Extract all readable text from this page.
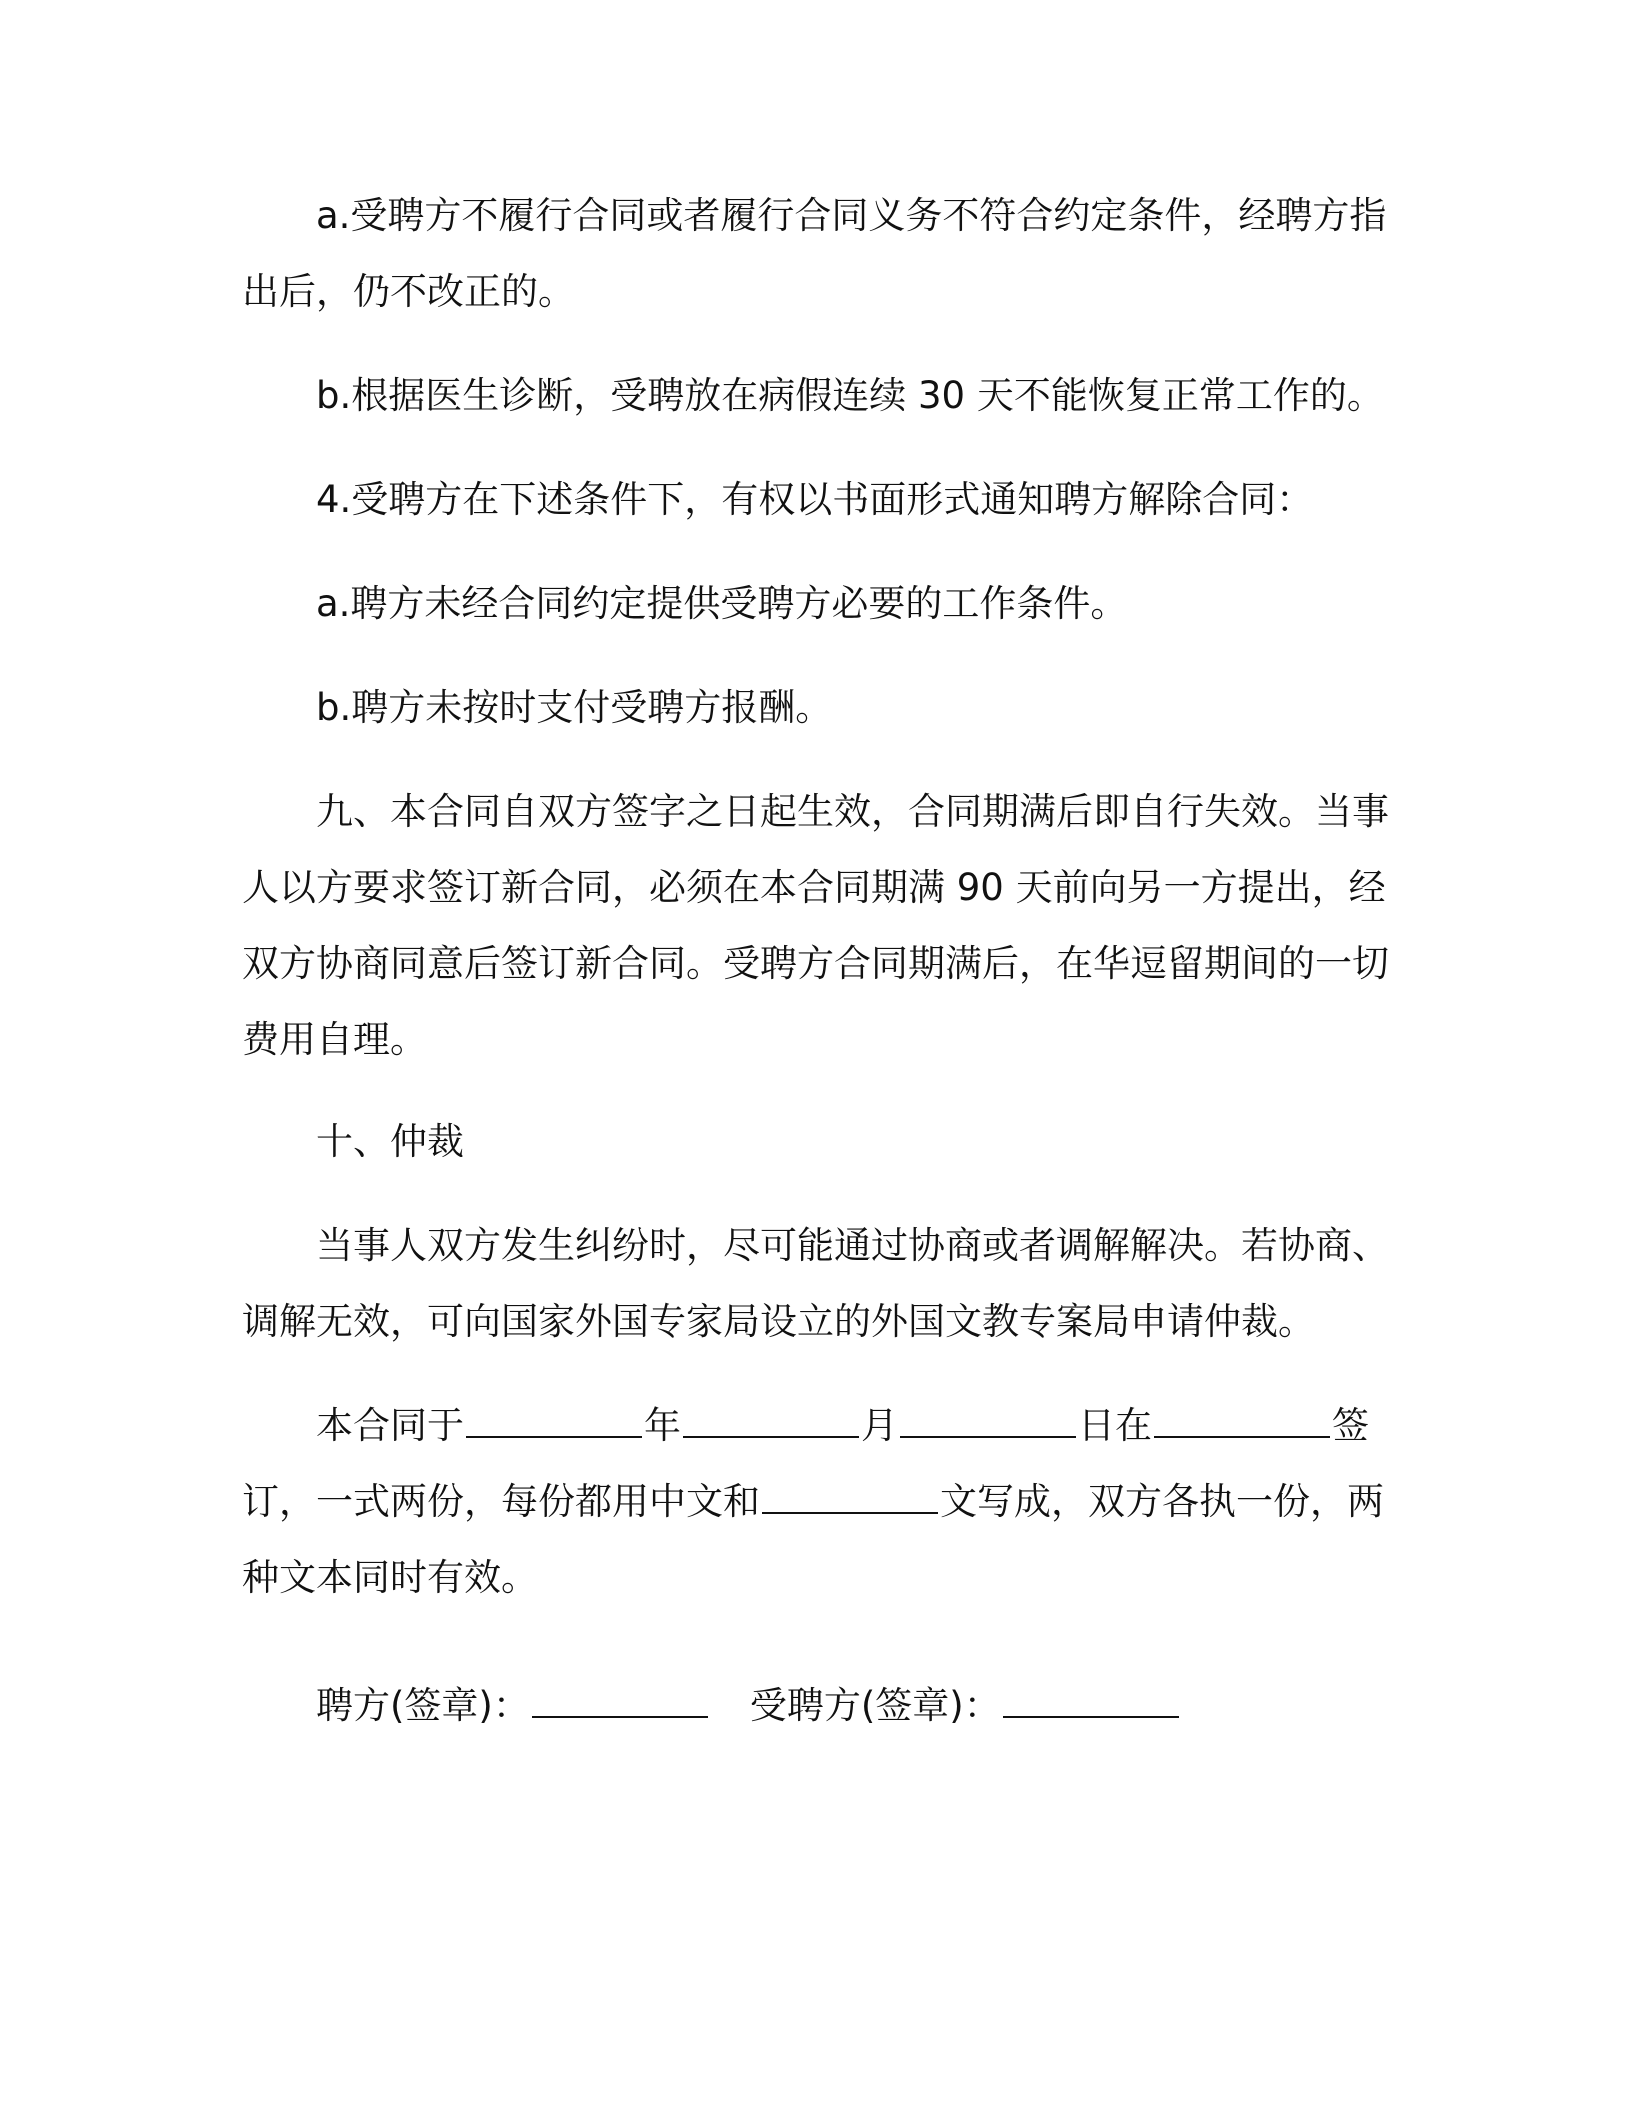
a.受聘方不履行合同或者履行合同义务不符合约定条件，经聘方指出后，仍不改正的。

b.根据医生诊断，受聘放在病假连续 30 天不能恢复正常工作的。

4.受聘方在下述条件下，有权以书面形式通知聘方解除合同：

a.聘方未经合同约定提供受聘方必要的工作条件。

b.聘方未按时支付受聘方报酬。

九、本合同自双方签字之日起生效，合同期满后即自行失效。当事人以方要求签订新合同，必须在本合同期满 90 天前向另一方提出，经双方协商同意后签订新合同。受聘方合同期满后，在华逗留期间的一切费用自理。

十、仲裁

当事人双方发生纠纷时，尽可能通过协商或者调解解决。若协商、调解无效，可向国家外国专家局设立的外国文教专案局申请仲裁。

本合同于	年	月	日在	签订，一式两份，每份都用中文和	文写成，双方各执一份，两种文本同时有效。

聘方(签章)：	受聘方(签章)：
